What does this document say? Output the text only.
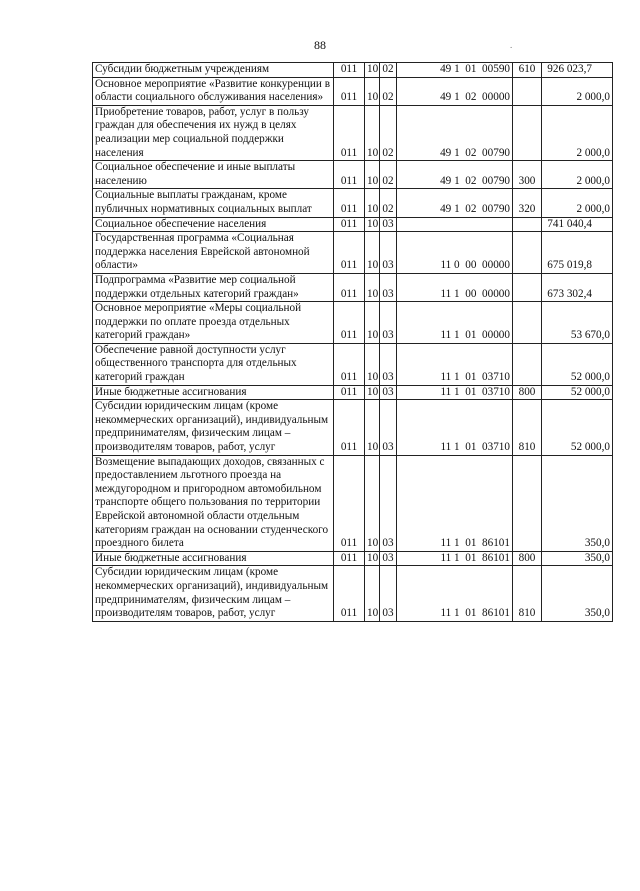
88	.
Субсидии бюджетным учреждениям	011	10	02	49 1  01  00590	610	926 023,7
Основное мероприятие «Развитие конкуренции в области социального обслуживания населения»	011	10	02	49 1  02  00000		2 000,0
Приобретение товаров, работ, услуг в пользу граждан для обеспечения их нужд в целях реализации мер социальной поддержки населения	011	10	02	49 1  02  00790		2 000,0
Социальное обеспечение и иные выплаты населению	011	10	02	49 1  02  00790	300	2 000,0
Социальные выплаты гражданам, кроме публичных нормативных социальных выплат	011	10	02	49 1  02  00790	320	2 000,0
Социальное обеспечение населения	011	10	03			741 040,4
Государственная программа «Социальная поддержка населения Еврейской автономной области»	011	10	03	11 0  00  00000		675 019,8
Подпрограмма «Развитие мер социальной поддержки отдельных категорий граждан»	011	10	03	11 1  00  00000		673 302,4
Основное мероприятие «Меры социальной поддержки по оплате проезда отдельных категорий граждан»	011	10	03	11 1  01  00000		53 670,0
Обеспечение равной доступности услуг общественного транспорта для отдельных категорий граждан	011	10	03	11 1  01  03710		52 000,0
Иные бюджетные ассигнования	011	10	03	11 1  01  03710	800	52 000,0
Субсидии юридическим лицам (кроме некоммерческих организаций), индивидуальным предпринимателям, физическим лицам – производителям товаров, работ, услуг	011	10	03	11 1  01  03710	810	52 000,0
Возмещение выпадающих доходов, связанных с предоставлением льготного проезда на междугородном и пригородном автомобильном транспорте общего пользования по территории Еврейской автономной области отдельным категориям граждан на основании студенческого проездного билета	011	10	03	11 1  01  86101		350,0
Иные бюджетные ассигнования	011	10	03	11 1  01  86101	800	350,0
Субсидии юридическим лицам (кроме некоммерческих организаций), индивидуальным предпринимателям, физическим лицам – производителям товаров, работ, услуг	011	10	03	11 1  01  86101	810	350,0
